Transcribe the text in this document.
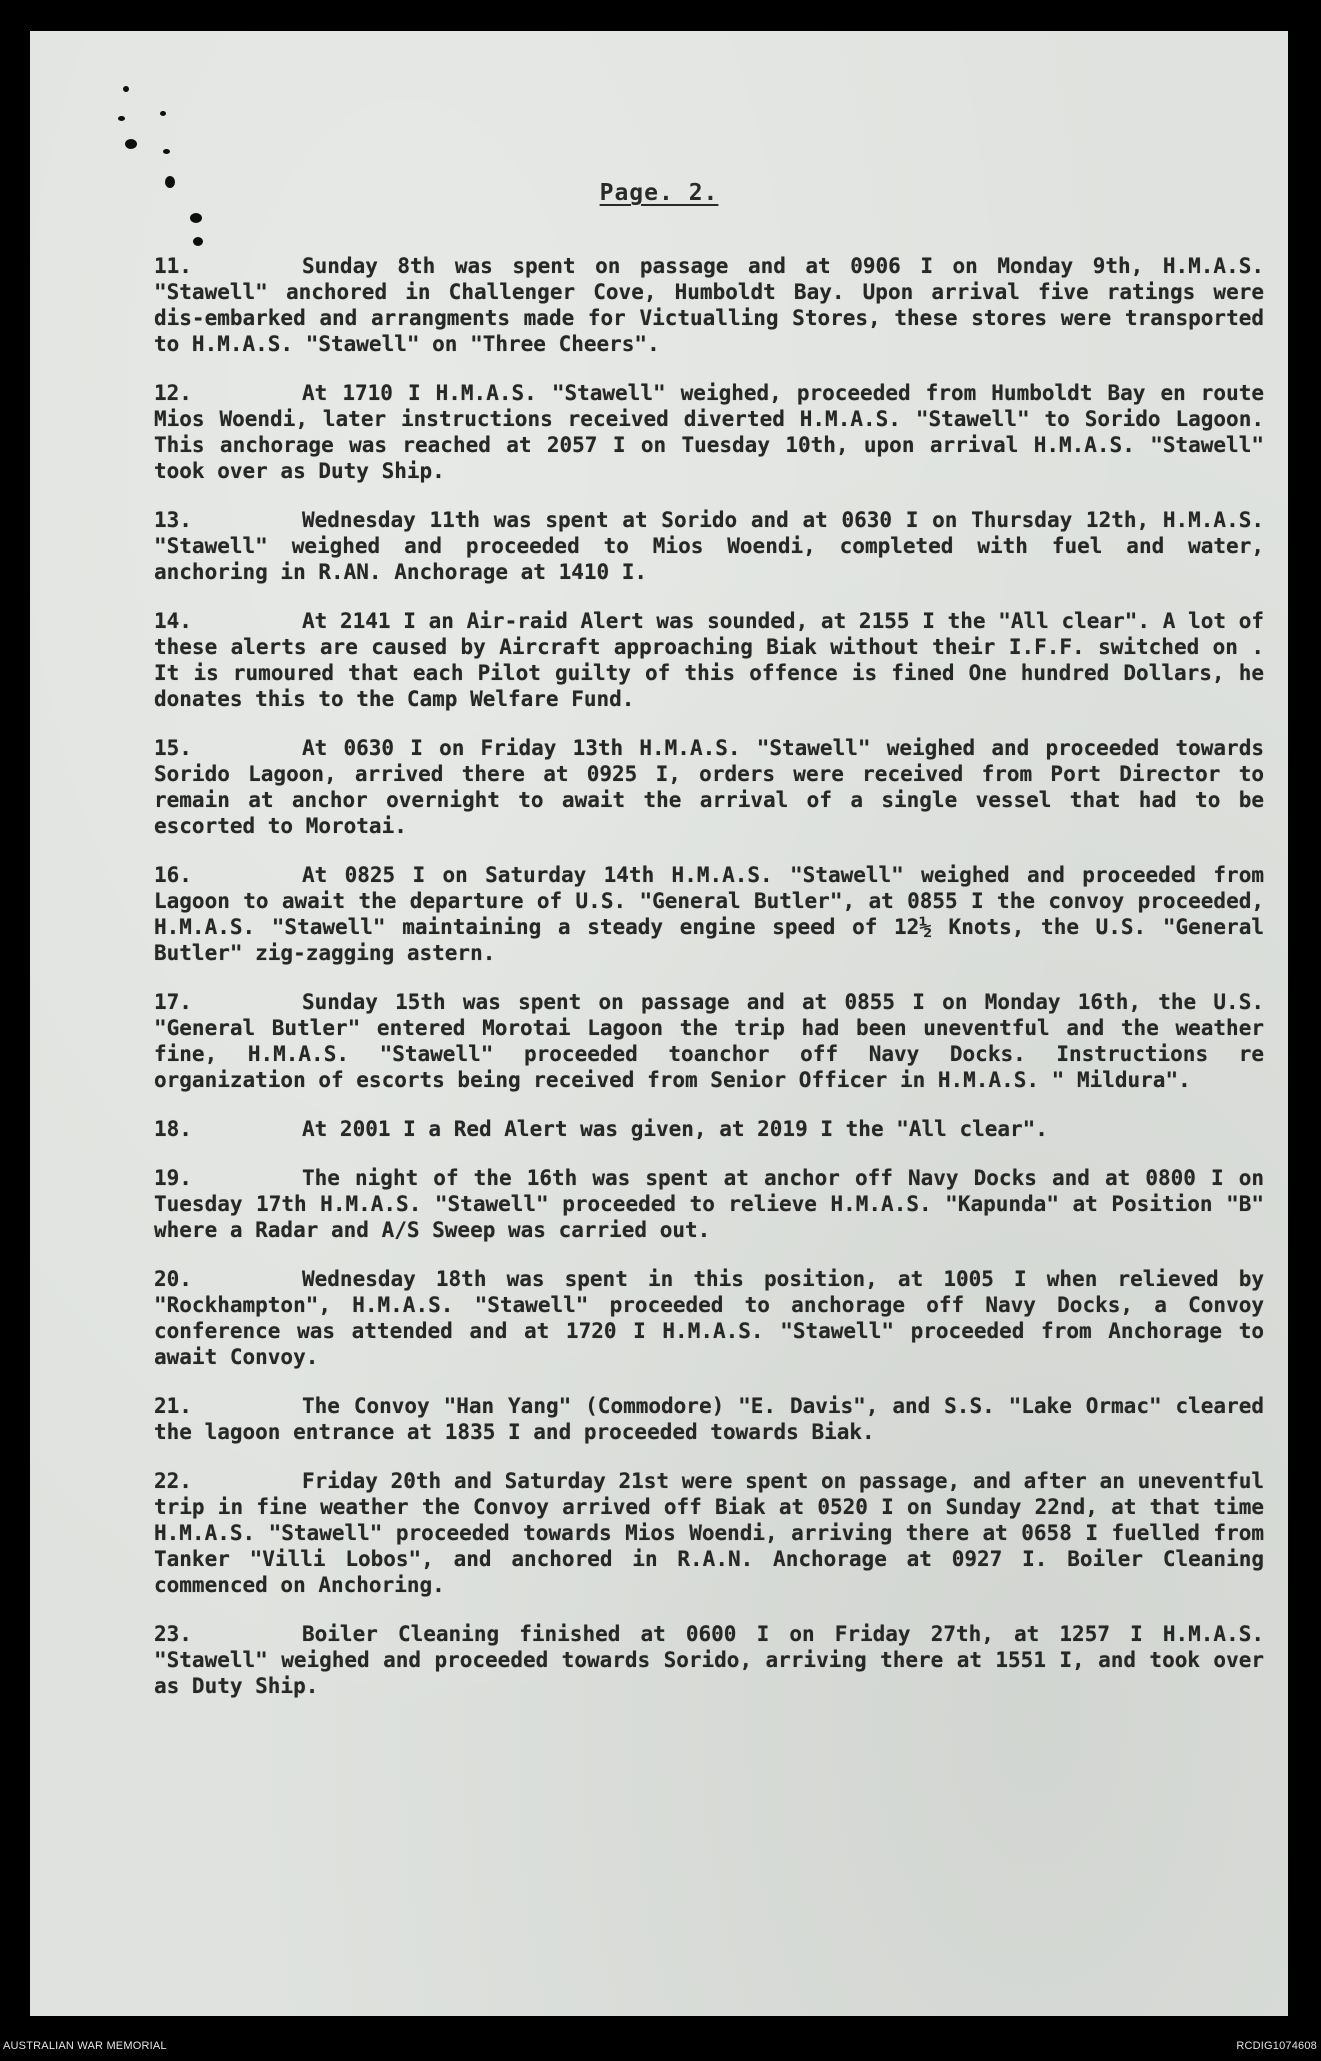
Page. 2.
11.	Sunday 8th was spent on passage and at 0906 I on Monday 9th, H.M.A.S. "Stawell" anchored in Challenger Cove, Humboldt Bay. Upon arrival five ratings were dis-embarked and arrangments made for Victualling Stores, these stores were transported to H.M.A.S. "Stawell" on "Three Cheers".
12.	At 1710 I H.M.A.S. "Stawell" weighed, proceeded from Humboldt Bay en route Mios Woendi, later instructions received diverted H.M.A.S. "Stawell" to Sorido Lagoon. This anchorage was reached at 2057 I on Tuesday 10th, upon arrival H.M.A.S. "Stawell" took over as Duty Ship.
13.	Wednesday 11th was spent at Sorido and at 0630 I on Thursday 12th, H.M.A.S. "Stawell" weighed and proceeded to Mios Woendi, completed with fuel and water, anchoring in R.AN. Anchorage at 1410 I.
14.	At 2141 I an Air-raid Alert was sounded, at 2155 I the "All clear". A lot of these alerts are caused by Aircraft approaching Biak without their I.F.F. switched on . It is rumoured that each Pilot guilty of this offence is fined One hundred Dollars, he donates this to the Camp Welfare Fund.
15.	At 0630 I on Friday 13th H.M.A.S. "Stawell" weighed and proceeded towards Sorido Lagoon, arrived there at 0925 I, orders were received from Port Director to remain at anchor overnight to await the arrival of a single vessel that had to be escorted to Morotai.
16.	At 0825 I on Saturday 14th H.M.A.S. "Stawell" weighed and proceeded from Lagoon to await the departure of U.S. "General Butler", at 0855 I the convoy proceeded, H.M.A.S. "Stawell" maintaining a steady engine speed of 12½ Knots, the U.S. "General Butler" zig-zagging astern.
17.	Sunday 15th was spent on passage and at 0855 I on Monday 16th, the U.S. "General Butler" entered Morotai Lagoon the trip had been uneventful and the weather fine, H.M.A.S. "Stawell" proceeded toanchor off Navy Docks. Instructions re organization of escorts being received from Senior Officer in H.M.A.S. " Mildura".
18.	At 2001 I a Red Alert was given, at 2019 I the "All clear".
19.	The night of the 16th was spent at anchor off Navy Docks and at 0800 I on Tuesday 17th H.M.A.S. "Stawell" proceeded to relieve H.M.A.S. "Kapunda" at Position "B" where a Radar and A/S Sweep was carried out.
20.	Wednesday 18th was spent in this position, at 1005 I when relieved by "Rockhampton", H.M.A.S. "Stawell" proceeded to anchorage off Navy Docks, a Convoy conference was attended and at 1720 I H.M.A.S. "Stawell" proceeded from Anchorage to await Convoy.
21.	The Convoy "Han Yang" (Commodore) "E. Davis", and S.S. "Lake Ormac" cleared the lagoon entrance at 1835 I and proceeded towards Biak.
22.	Friday 20th and Saturday 21st were spent on passage, and after an uneventful trip in fine weather the Convoy arrived off Biak at 0520 I on Sunday 22nd, at that time H.M.A.S. "Stawell" proceeded towards Mios Woendi, arriving there at 0658 I fuelled from Tanker "Villi Lobos", and anchored in R.A.N. Anchorage at 0927 I. Boiler Cleaning commenced on Anchoring.
23.	Boiler Cleaning finished at 0600 I on Friday 27th, at 1257 I H.M.A.S. "Stawell" weighed and proceeded towards Sorido, arriving there at 1551 I, and took over as Duty Ship.
AUSTRALIAN WAR MEMORIAL	RCDIG1074608
